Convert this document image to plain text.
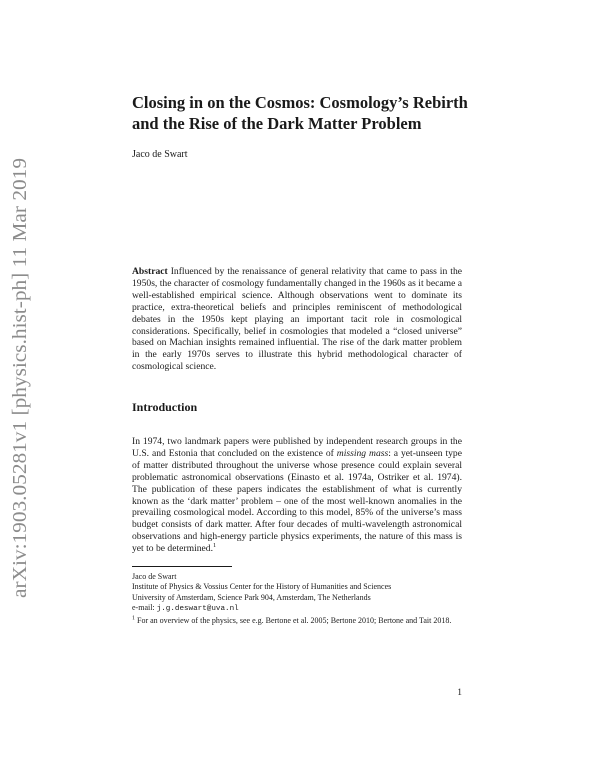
arXiv:1903.05281v1 [physics.hist-ph] 11 Mar 2019
Closing in on the Cosmos: Cosmology’s Rebirth
and the Rise of the Dark Matter Problem
Jaco de Swart

Abstract Influenced by the renaissance of general relativity that came to pass in the 1950s, the character of cosmology fundamentally changed in the 1960s as it became a well-established empirical science. Although observations went to dominate its practice, extra-theoretical beliefs and principles reminiscent of methodological debates in the 1950s kept playing an important tacit role in cosmological considerations. Specifically, belief in cosmologies that modeled a “closed universe” based on Machian insights remained influential. The rise of the dark matter problem in the early 1970s serves to illustrate this hybrid methodological character of cosmological science.

Introduction

In 1974, two landmark papers were published by independent research groups in the U.S. and Estonia that concluded on the existence of missing mass: a yet-unseen type of matter distributed throughout the universe whose presence could explain several problematic astronomical observations (Einasto et al. 1974a, Ostriker et al. 1974). The publication of these papers indicates the establishment of what is currently known as the ‘dark matter’ problem – one of the most well-known anomalies in the prevailing cosmological model. According to this model, 85% of the universe’s mass budget consists of dark matter. After four decades of multi-wavelength astronomical observations and high-energy particle physics experiments, the nature of this mass is yet to be determined.$^1$

Jaco de Swart
Institute of Physics & Vossius Center for the History of Humanities and Sciences
University of Amsterdam, Science Park 904, Amsterdam, The Netherlands
e-mail: j.g.deswart@uva.nl
$^1$ For an overview of the physics, see e.g. Bertone et al. 2005; Bertone 2010; Bertone and Tait 2018.
1
